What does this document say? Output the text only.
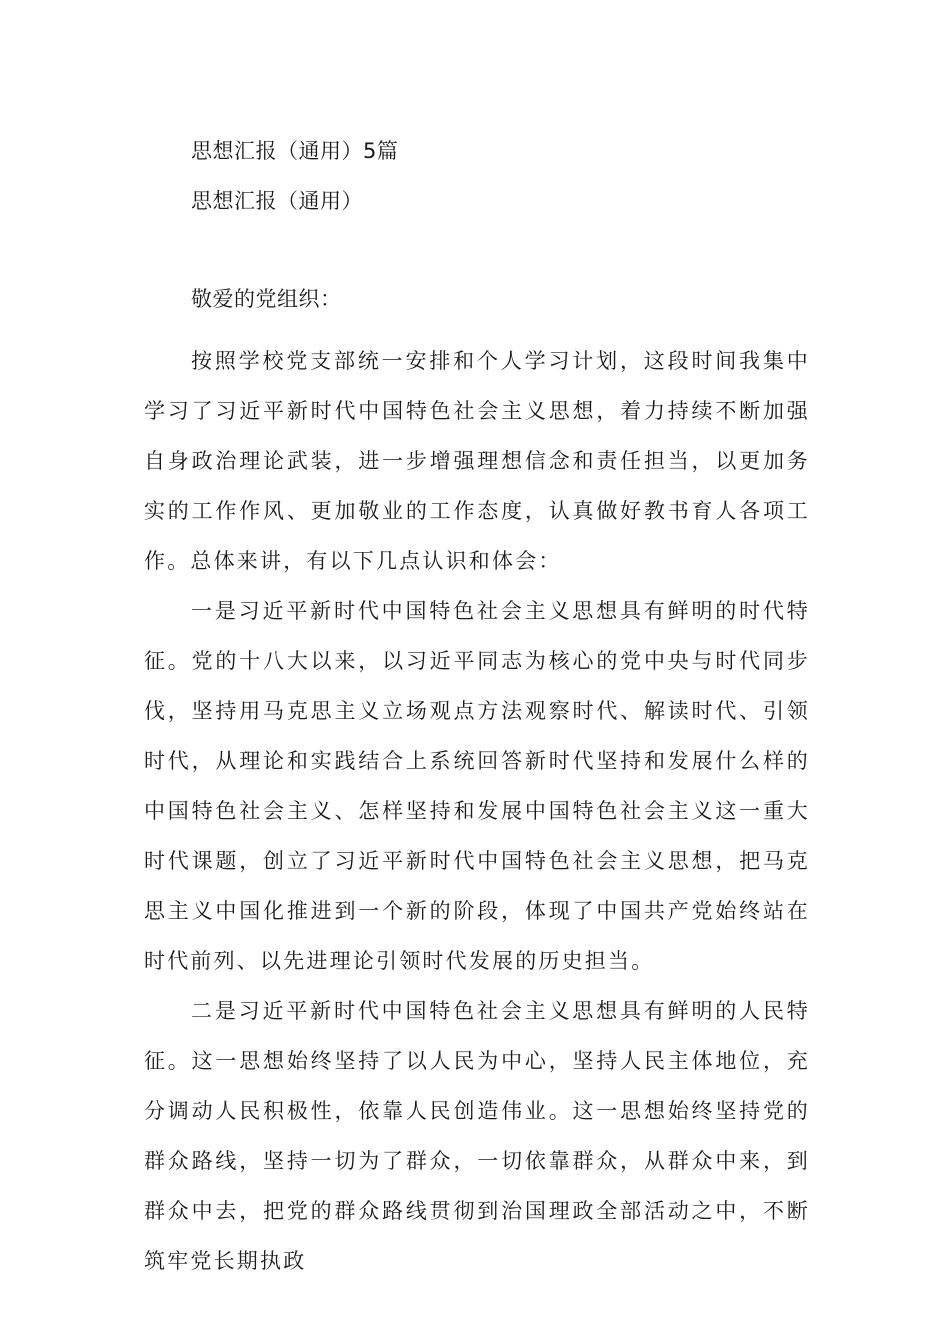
思想汇报（通用）5篇
思想汇报（通用）
敬爱的党组织：

按照学校党支部统一安排和个人学习计划，这段时间我集中学习了习近平新时代中国特色社会主义思想，着力持续不断加强自身政治理论武装，进一步增强理想信念和责任担当，以更加务实的工作作风、更加敬业的工作态度，认真做好教书育人各项工作。总体来讲，有以下几点认识和体会：

一是习近平新时代中国特色社会主义思想具有鲜明的时代特征。党的十八大以来，以习近平同志为核心的党中央与时代同步伐，坚持用马克思主义立场观点方法观察时代、解读时代、引领时代，从理论和实践结合上系统回答新时代坚持和发展什么样的中国特色社会主义、怎样坚持和发展中国特色社会主义这一重大时代课题，创立了习近平新时代中国特色社会主义思想，把马克思主义中国化推进到一个新的阶段，体现了中国共产党始终站在时代前列、以先进理论引领时代发展的历史担当。

二是习近平新时代中国特色社会主义思想具有鲜明的人民特征。这一思想始终坚持了以人民为中心，坚持人民主体地位，充分调动人民积极性，依靠人民创造伟业。这一思想始终坚持党的群众路线，坚持一切为了群众，一切依靠群众，从群众中来，到群众中去，把党的群众路线贯彻到治国理政全部活动之中，不断筑牢党长期执政
